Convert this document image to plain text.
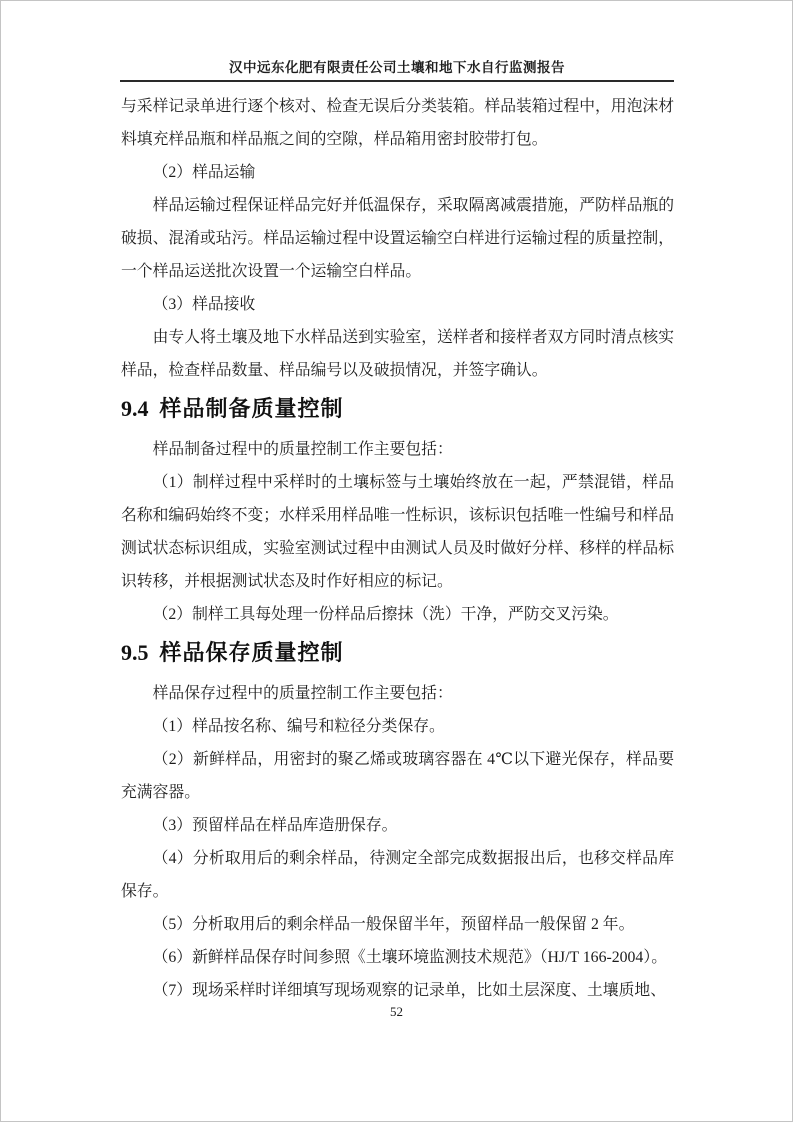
汉中远东化肥有限责任公司土壤和地下水自行监测报告

与采样记录单进行逐个核对、检查无误后分类装箱。样品装箱过程中，用泡沫材料填充样品瓶和样品瓶之间的空隙，样品箱用密封胶带打包。

（2）样品运输

样品运输过程保证样品完好并低温保存，采取隔离减震措施，严防样品瓶的破损、混淆或玷污。样品运输过程中设置运输空白样进行运输过程的质量控制，一个样品运送批次设置一个运输空白样品。

（3）样品接收

由专人将土壤及地下水样品送到实验室，送样者和接样者双方同时清点核实样品，检查样品数量、样品编号以及破损情况，并签字确认。

9.4 样品制备质量控制

样品制备过程中的质量控制工作主要包括：

（1）制样过程中采样时的土壤标签与土壤始终放在一起，严禁混错，样品名称和编码始终不变；水样采用样品唯一性标识，该标识包括唯一性编号和样品测试状态标识组成，实验室测试过程中由测试人员及时做好分样、移样的样品标识转移，并根据测试状态及时作好相应的标记。

（2）制样工具每处理一份样品后擦抹（洗）干净，严防交叉污染。

9.5 样品保存质量控制

样品保存过程中的质量控制工作主要包括：

（1）样品按名称、编号和粒径分类保存。

（2）新鲜样品，用密封的聚乙烯或玻璃容器在 4℃以下避光保存，样品要充满容器。

（3）预留样品在样品库造册保存。

（4）分析取用后的剩余样品，待测定全部完成数据报出后，也移交样品库保存。

（5）分析取用后的剩余样品一般保留半年，预留样品一般保留 2 年。

（6）新鲜样品保存时间参照《土壤环境监测技术规范》（HJ/T 166-2004）。

（7）现场采样时详细填写现场观察的记录单，比如土层深度、土壤质地、

52
